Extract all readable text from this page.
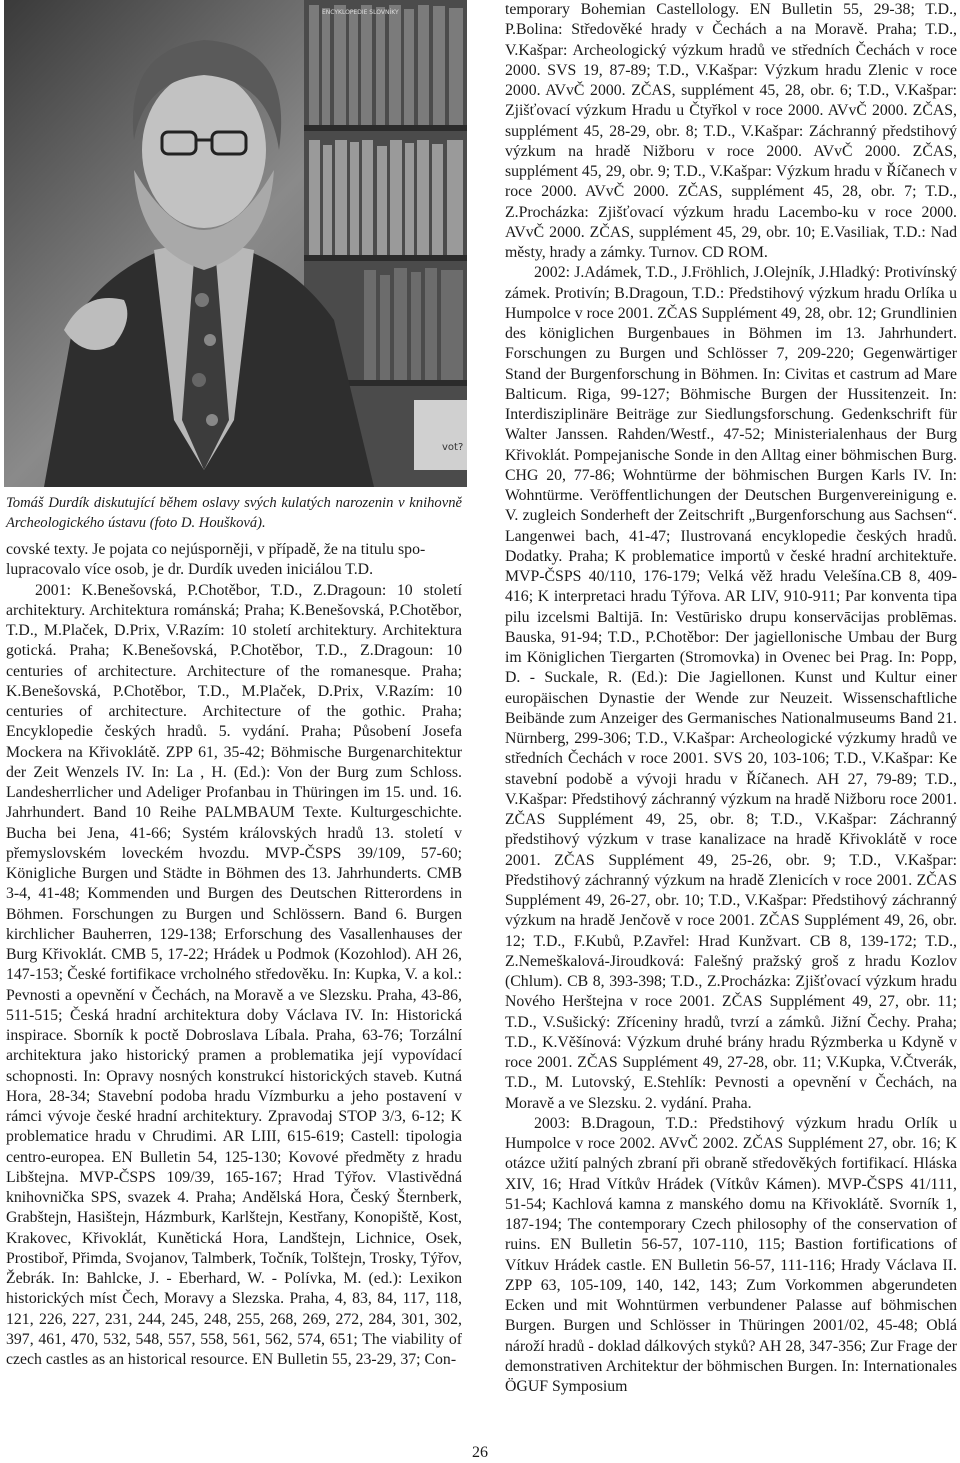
ENCYKLOPEDIE SLOVNÍKY
vot?
Tomáš Durdík diskutující během oslavy svých kulatých narozenin v knihovně Archeologického ústavu (foto D. Houšková).

covské texty. Je pojata co nejúsporněji, v případě, že na titulu spo-

lupracovalo více osob, je dr. Durdík uveden iniciálou T.D.

2001: K.Benešovská, P.Chotěbor, T.D., Z.Dragoun: 10 století architektury. Architektura románská; Praha; K.Benešovská, P.Chotěbor, T.D., M.Plaček, D.Prix, V.Razím: 10 století architektury. Architektura gotická. Praha; K.Benešovská, P.Chotěbor, T.D., Z.Dragoun: 10 centuries of architecture. Architecture of the romanesque. Praha; K.Benešovská, P.Chotěbor, T.D., M.Plaček, D.Prix, V.Razím: 10 centuries of architecture. Architecture of the gothic. Praha; Encyklopedie českých hradů. 5. vydání. Praha; Působení Josefa Mockera na Křivoklátě. ZPP 61, 35-42; Böhmische Burgenarchitektur der Zeit Wenzels IV. In: La , H. (Ed.): Von der Burg zum Schloss. Landesherrlicher und Adeliger Profanbau in Thüringen im 15. und. 16. Jahrhundert. Band 10 Reihe PALMBAUM Texte. Kulturgeschichte. Bucha bei Jena, 41-66; Systém královských hradů 13. století v přemyslovském loveckém hvozdu. MVP-ČSPS 39/109, 57-60; Königliche Burgen und Städte in Böhmen des 13. Jahrhunderts. CMB 3-4, 41-48; Kommenden und Burgen des Deutschen Ritterordens in Böhmen. Forschungen zu Burgen und Schlössern. Band 6. Burgen kirchlicher Bauherren, 129-138; Erforschung des Vasallenhauses der Burg Křivoklát. CMB 5, 17-22; Hrádek u Podmok (Kozohlod). AH 26, 147-153; České fortifikace vrcholného středověku. In: Kupka, V. a kol.: Pevnosti a opevnění v Čechách, na Moravě a ve Slezsku. Praha, 43-86, 511-515; Česká hradní architektura doby Václava IV. In: Historická inspirace. Sborník k poctě Dobroslava Líbala. Praha, 63-76; Torzální architektura jako historický pramen a problematika její vypovídací schopnosti. In: Opravy nosných konstrukcí historických staveb. Kutná Hora, 28-34; Stavební podoba hradu Vízmburku a jeho postavení v rámci vývoje české hradní architektury. Zpravodaj STOP 3/3, 6-12; K problematice hradu v Chrudimi. AR LIII, 615-619; Castell: tipologia centro-europea. EN Bulletin 54, 125-130; Kovové předměty z hradu Libštejna. MVP-ČSPS 109/39, 165-167; Hrad Týřov. Vlastivědná knihovnička SPS, svazek 4. Praha; Andělská Hora, Český Šternberk, Grabštejn, Hasištejn, Házmburk, Karlštejn, Kestřany, Konopiště, Kost, Krakovec, Křivoklát, Kunětická Hora, Landštejn, Lichnice, Osek, Prostiboř, Přimda, Svojanov, Talmberk, Točník, Tolštejn, Trosky, Týřov, Žebrák. In: Bahlcke, J. - Eberhard, W. - Polívka, M. (ed.): Lexikon historických míst Čech, Moravy a Slezska. Praha, 4, 83, 84, 117, 118, 121, 226, 227, 231, 244, 245, 248, 255, 268, 269, 272, 284, 301, 302, 397, 461, 470, 532, 548, 557, 558, 561, 562, 574, 651; The viability of czech castles as an historical resource. EN Bulletin 55, 23-29, 37; Con-

temporary Bohemian Castellology. EN Bulletin 55, 29-38; T.D., P.Bolina: Středověké hrady v Čechách a na Moravě. Praha; T.D., V.Kašpar: Archeologický výzkum hradů ve středních Čechách v roce 2000. SVS 19, 87-89; T.D., V.Kašpar: Výzkum hradu Zlenic v roce 2000. AVvČ 2000. ZČAS, supplément 45, 28, obr. 6; T.D., V.Kašpar: Zjišťovací výzkum Hradu u Čtyřkol v roce 2000. AVvČ 2000. ZČAS, supplément 45, 28-29, obr. 8; T.D., V.Kašpar: Záchranný předstihový výzkum na hradě Nižboru v roce 2000. AVvČ 2000. ZČAS, supplément 45, 29, obr. 9; T.D., V.Kašpar: Výzkum hradu v Říčanech v roce 2000. AVvČ 2000. ZČAS, supplément 45, 28, obr. 7; T.D., Z.Procházka: Zjišťovací výzkum hradu Lacembo-ku v roce 2000. AVvČ 2000. ZČAS, supplément 45, 29, obr. 10; E.Vasiliak, T.D.: Nad městy, hrady a zámky. Turnov. CD ROM.

2002: J.Adámek, T.D., J.Fröhlich, J.Olejník, J.Hladký: Protivínský zámek. Protivín; B.Dragoun, T.D.: Předstihový výzkum hradu Orlíka u Humpolce v roce 2001. ZČAS Supplément 49, 28, obr. 12; Grundlinien des königlichen Burgenbaues in Böhmen im 13. Jahrhundert. Forschungen zu Burgen und Schlösser 7, 209-220; Gegenwärtiger Stand der Burgenforschung in Böhmen. In: Civitas et castrum ad Mare Balticum. Riga, 99-127; Böhmische Burgen der Hussitenzeit. In: Interdisziplinäre Beiträge zur Siedlungsforschung. Gedenkschrift für Walter Janssen. Rahden/Westf., 47-52; Ministerialenhaus der Burg Křivoklát. Pompejanische Sonde in den Alltag einer böhmischen Burg. CHG 20, 77-86; Wohntürme der böhmischen Burgen Karls IV. In: Wohntürme. Veröffentlichungen der Deutschen Burgenvereinigung e. V. zugleich Sonderheft der Zeitschrift „Burgenforschung aus Sachsen“. Langenwei bach, 41-47; Ilustrovaná encyklopedie českých hradů. Dodatky. Praha; K problematice importů v české hradní architektuře. MVP-ČSPS 40/110, 176-179; Velká věž hradu Velešína.CB 8, 409-416; K interpretaci hradu Týřova. AR LIV, 910-911; Par konventa tipa pilu izcelsmi Baltijā. In: Vestūrisko drupu konservācijas problēmas. Bauska, 91-94; T.D., P.Chotěbor: Der jagiellonische Umbau der Burg im Königlichen Tiergarten (Stromovka) in Ovenec bei Prag. In: Popp, D. - Suckale, R. (Ed.): Die Jagiellonen. Kunst und Kultur einer europäischen Dynastie der Wende zur Neuzeit. Wissenschaftliche Beibände zum Anzeiger des Germanisches Nationalmuseums Band 21. Nürnberg, 299-306; T.D., V.Kašpar: Archeologické výzkumy hradů ve středních Čechách v roce 2001. SVS 20, 103-106; T.D., V.Kašpar: Ke stavební podobě a vývoji hradu v Říčanech. AH 27, 79-89; T.D., V.Kašpar: Předstihový záchranný výzkum na hradě Nižboru roce 2001. ZČAS Supplément 49, 25, obr. 8; T.D., V.Kašpar: Záchranný předstihový výzkum v trase kanalizace na hradě Křivoklátě v roce 2001. ZČAS Supplément 49, 25-26, obr. 9; T.D., V.Kašpar: Předstihový záchranný výzkum na hradě Zlenicích v roce 2001. ZČAS Supplément 49, 26-27, obr. 10; T.D., V.Kašpar: Předstihový záchranný výzkum na hradě Jenčově v roce 2001. ZČAS Supplément 49, 26, obr. 12; T.D., F.Kubů, P.Zavřel: Hrad Kunžvart. CB 8, 139-172; T.D., Z.Nemeškalová-Jiroudková: Falešný pražský groš z hradu Kozlov (Chlum). CB 8, 393-398; T.D., Z.Procházka: Zjišťovací výzkum hradu Nového Herštejna v roce 2001. ZČAS Supplément 49, 27, obr. 11; T.D., V.Sušický: Zříceniny hradů, tvrzí a zámků. Jižní Čechy. Praha; T.D., K.Věšínová: Výzkum druhé brány hradu Rýzmberka u Kdyně v roce 2001. ZČAS Supplément 49, 27-28, obr. 11; V.Kupka, V.Čtverák, T.D., M. Lutovský, E.Stehlík: Pevnosti a opevnění v Čechách, na Moravě a ve Slezsku. 2. vydání. Praha.

2003: B.Dragoun, T.D.: Předstihový výzkum hradu Orlík u Humpolce v roce 2002. AVvČ 2002. ZČAS Supplément 27, obr. 16; K otázce užití palných zbraní při obraně středověkých fortifikací. Hláska XIV, 16; Hrad Vítkův Hrádek (Vítkův Kámen). MVP-ČSPS 41/111, 51-54; Kachlová kamna z manského domu na Křivoklátě. Svorník 1, 187-194; The contemporary Czech philosophy of the conservation of ruins. EN Bulletin 56-57, 107-110, 115; Bastion fortifications of Vítkuv Hrádek castle. EN Bulletin 56-57, 111-116; Hrady Václava II. ZPP 63, 105-109, 140, 142, 143; Zum Vorkommen abgerundeten Ecken und mit Wohntürmen verbundener Palasse auf böhmischen Burgen. Burgen und Schlösser in Thüringen 2001/02, 45-48; Oblá nároží hradů - doklad dálkových styků? AH 28, 347-356; Zur Frage der demonstrativen Architektur der böhmischen Burgen. In: Internationales ÖGUF Symposium

26
